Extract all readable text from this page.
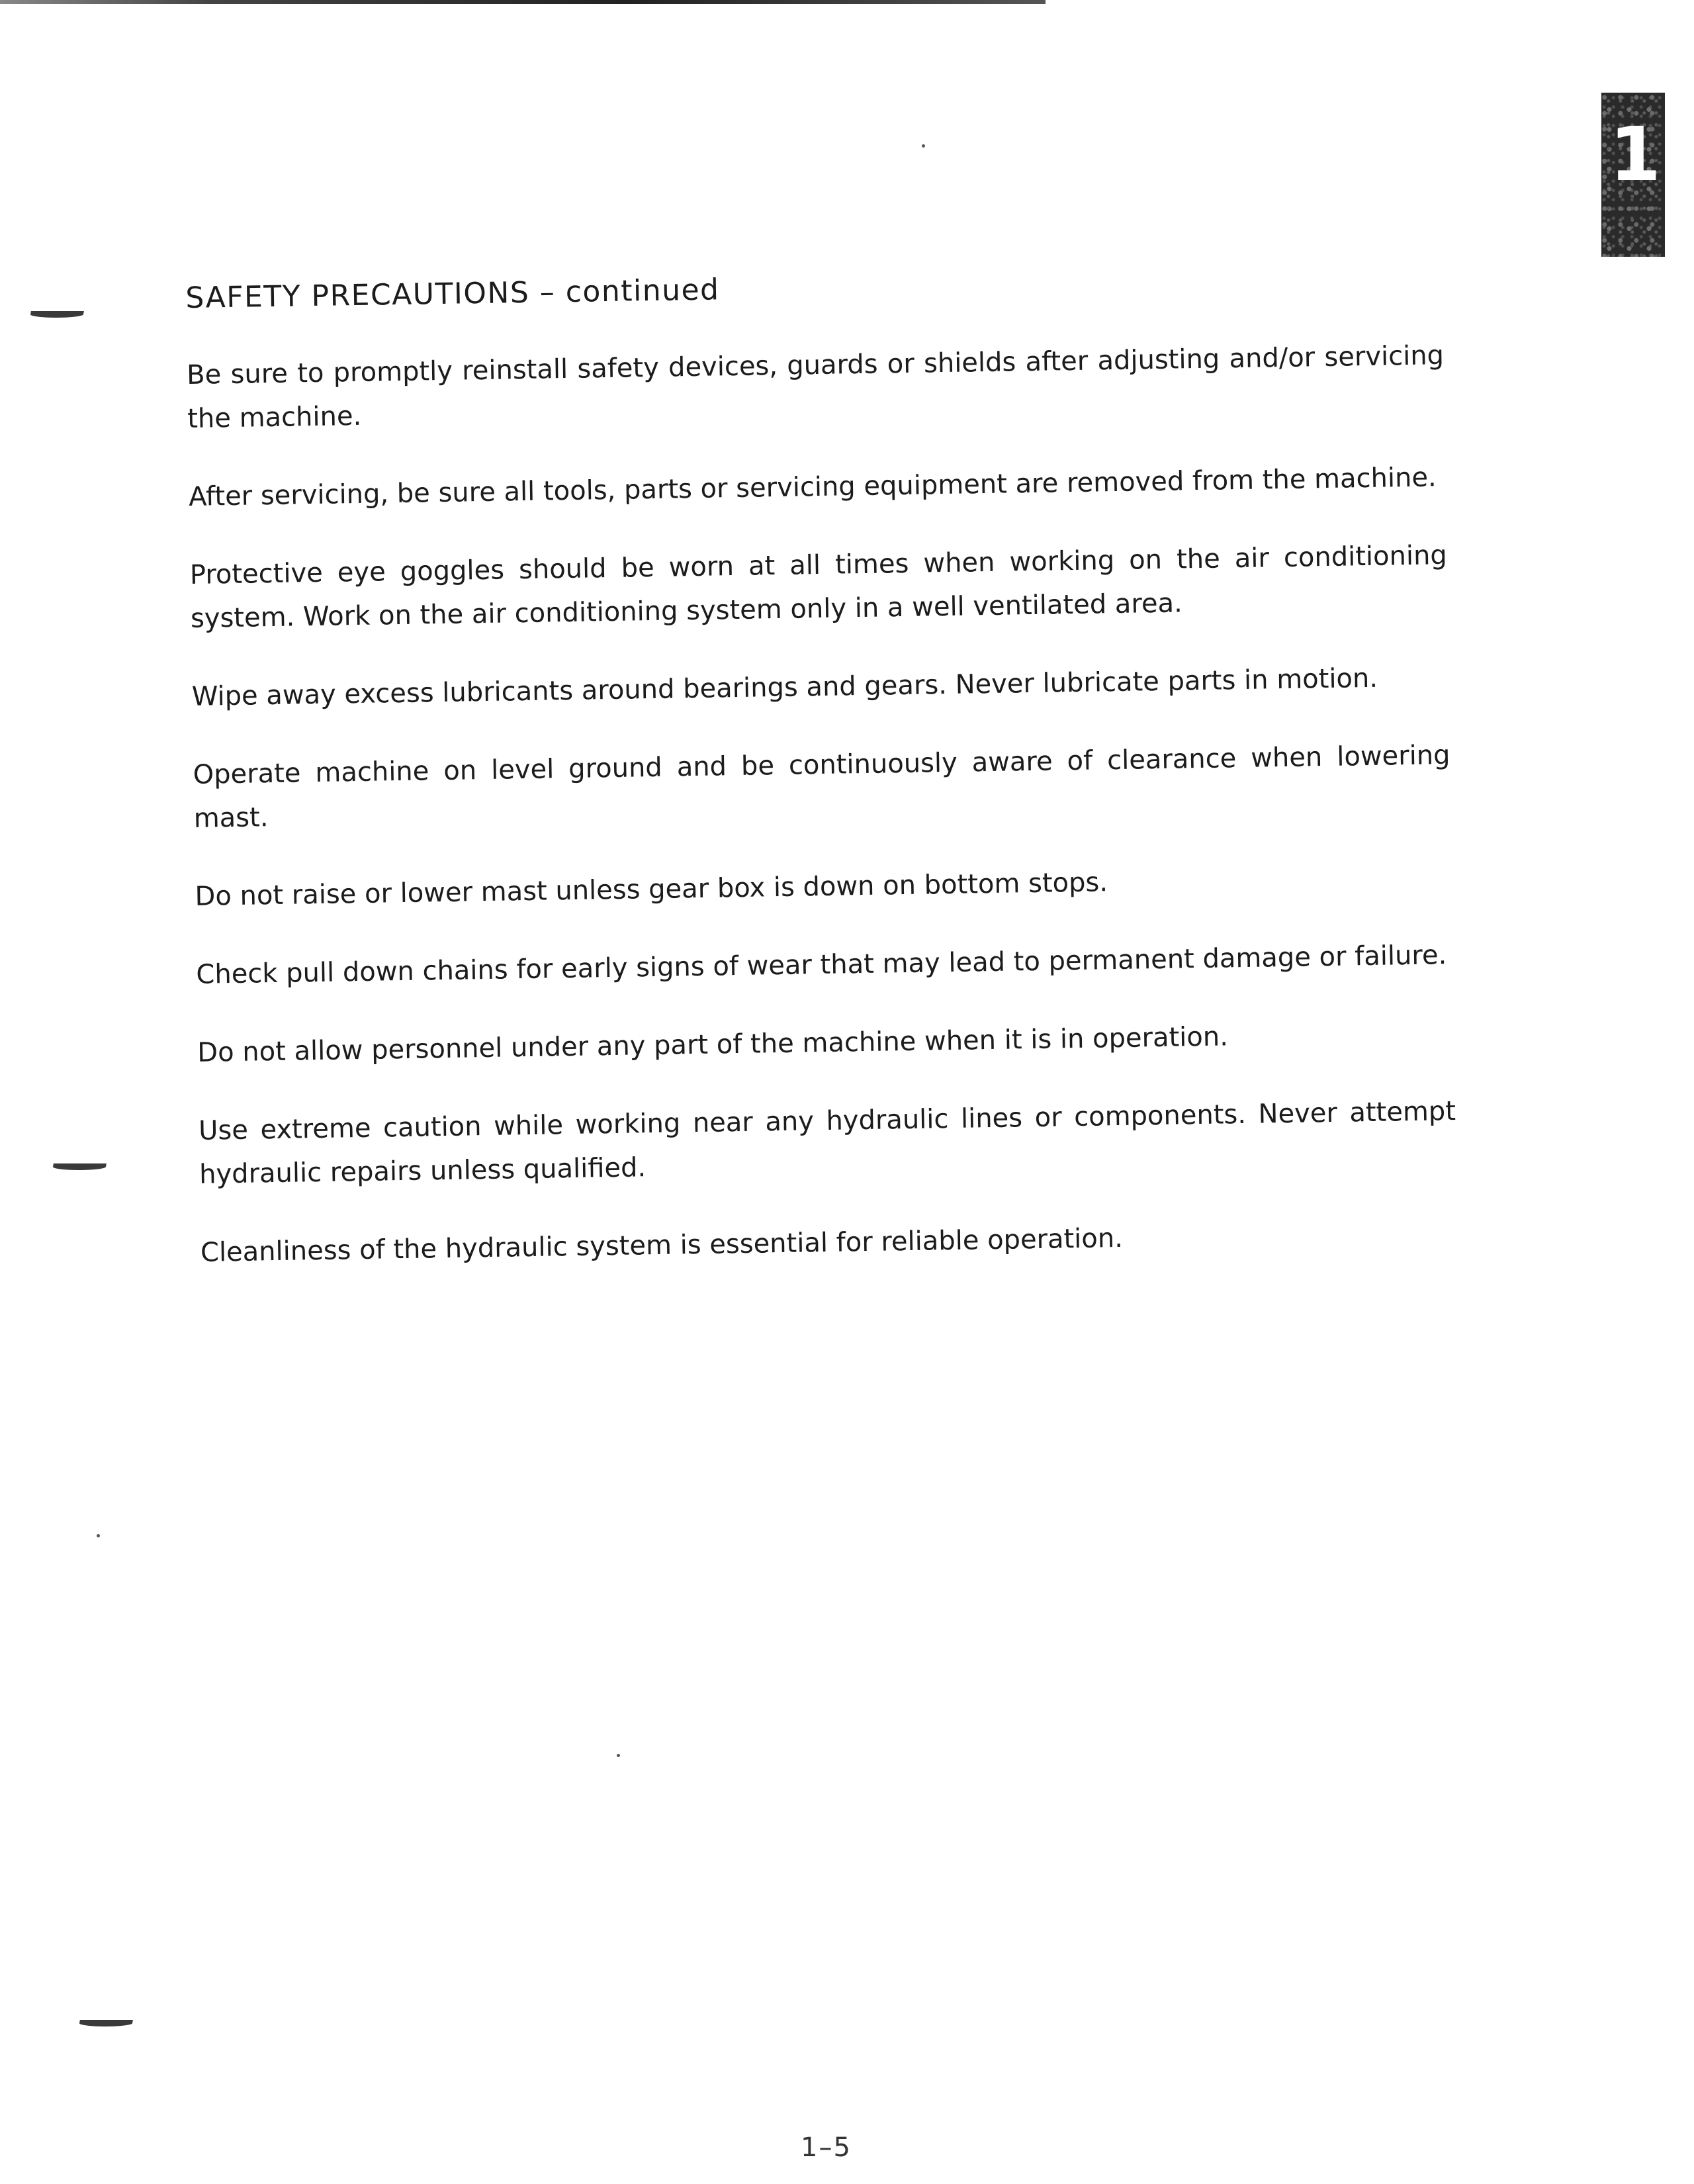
1
SAFETY PRECAUTIONS – continued

Be sure to promptly reinstall safety devices, guards or shields after adjusting and/or servicing the machine.

After servicing, be sure all tools, parts or servicing equipment are removed from the machine.

Protective eye goggles should be worn at all times when working on the air conditioning system. Work on the air conditioning system only in a well ventilated area.

Wipe away excess lubricants around bearings and gears. Never lubricate parts in motion.

Operate machine on level ground and be continuously aware of clearance when lowering mast.

Do not raise or lower mast unless gear box is down on bottom stops.

Check pull down chains for early signs of wear that may lead to permanent damage or failure.

Do not allow personnel under any part of the machine when it is in operation.

Use extreme caution while working near any hydraulic lines or components. Never attempt hydraulic repairs unless qualified.

Cleanliness of the hydraulic system is essential for reliable operation.

1–5
